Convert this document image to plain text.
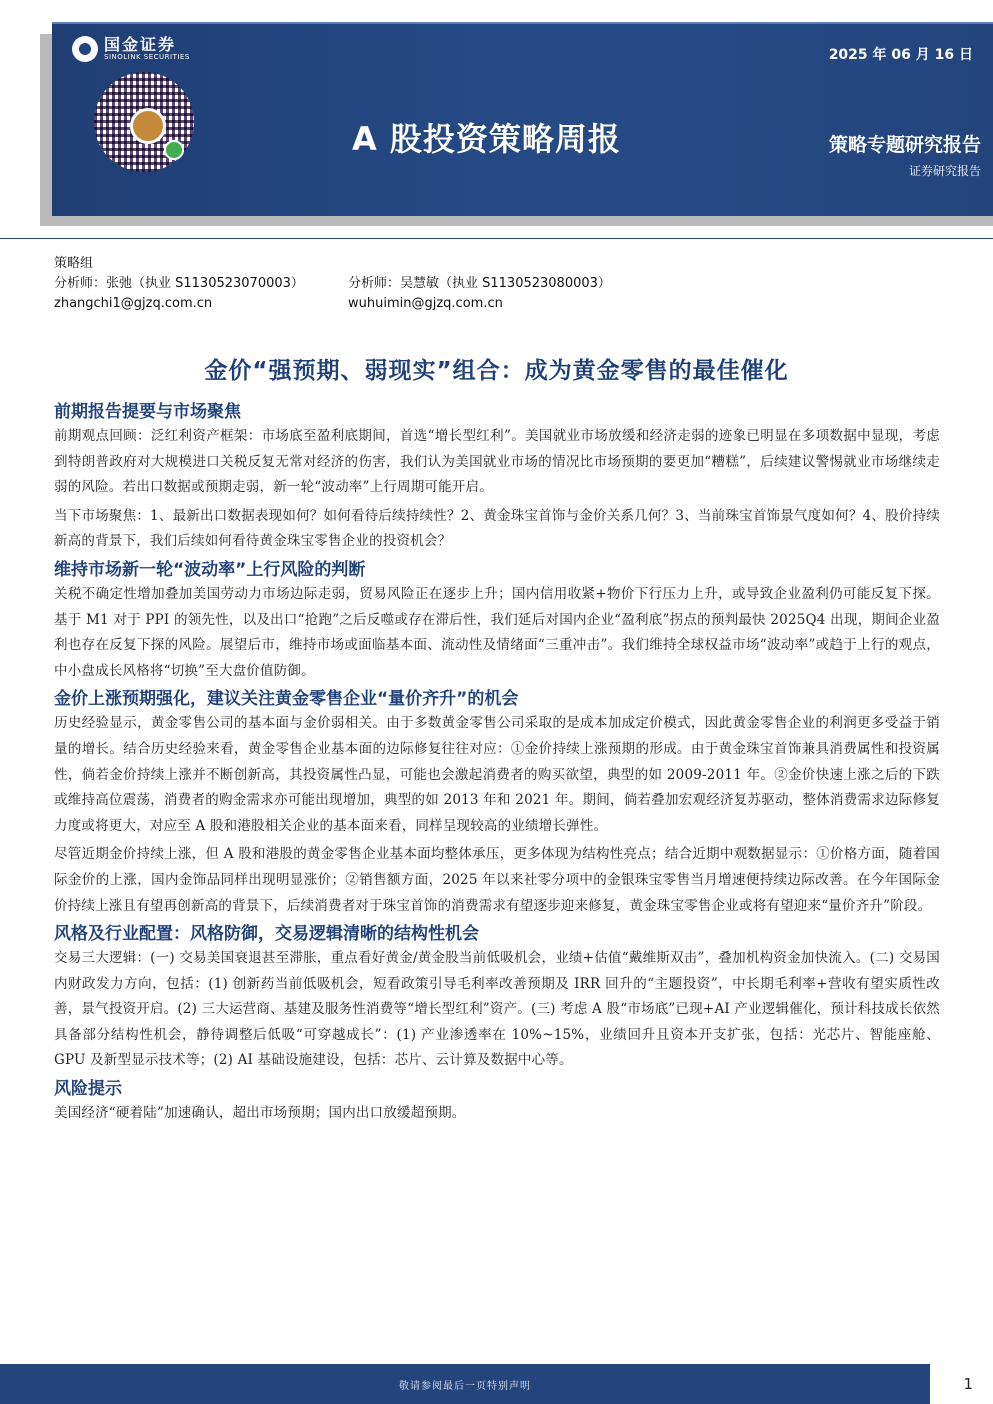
国金证券
SINOLINK SECURITIES	2025 年 06 月 16 日
A 股投资策略周报	策略专题研究报告
证券研究报告
策略组
分析师：张弛（执业 S1130523070003）	分析师：吴慧敏（执业 S1130523080003）
zhangchi1@gjzq.com.cn	wuhuimin@gjzq.com.cn
金价“强预期、弱现实”组合：成为黄金零售的最佳催化
前期报告提要与市场聚焦

前期观点回顾：泛红利资产框架：市场底至盈利底期间，首选“增长型红利”。美国就业市场放缓和经济走弱的迹象已明显在多项数据中显现，考虑到特朗普政府对大规模进口关税反复无常对经济的伤害，我们认为美国就业市场的情况比市场预期的要更加“糟糕”，后续建议警惕就业市场继续走弱的风险。若出口数据或预期走弱，新一轮“波动率”上行周期可能开启。

当下市场聚焦：1、最新出口数据表现如何？如何看待后续持续性？2、黄金珠宝首饰与金价关系几何？3、当前珠宝首饰景气度如何？4、股价持续新高的背景下，我们后续如何看待黄金珠宝零售企业的投资机会？

维持市场新一轮“波动率”上行风险的判断

关税不确定性增加叠加美国劳动力市场边际走弱，贸易风险正在逐步上升；国内信用收紧+物价下行压力上升，或导致企业盈利仍可能反复下探。基于 M1 对于 PPI 的领先性，以及出口“抢跑”之后反噬或存在滞后性，我们延后对国内企业“盈利底”拐点的预判最快 2025Q4 出现，期间企业盈利也存在反复下探的风险。展望后市，维持市场或面临基本面、流动性及情绪面“三重冲击”。我们维持全球权益市场“波动率”或趋于上行的观点，中小盘成长风格将“切换”至大盘价值防御。

金价上涨预期强化，建议关注黄金零售企业“量价齐升”的机会

历史经验显示，黄金零售公司的基本面与金价弱相关。由于多数黄金零售公司采取的是成本加成定价模式，因此黄金零售企业的利润更多受益于销量的增长。结合历史经验来看，黄金零售企业基本面的边际修复往往对应：①金价持续上涨预期的形成。由于黄金珠宝首饰兼具消费属性和投资属性，倘若金价持续上涨并不断创新高，其投资属性凸显，可能也会激起消费者的购买欲望，典型的如 2009-2011 年。②金价快速上涨之后的下跌或维持高位震荡，消费者的购金需求亦可能出现增加，典型的如 2013 年和 2021 年。期间，倘若叠加宏观经济复苏驱动，整体消费需求边际修复力度或将更大，对应至 A 股和港股相关企业的基本面来看，同样呈现较高的业绩增长弹性。

尽管近期金价持续上涨，但 A 股和港股的黄金零售企业基本面均整体承压，更多体现为结构性亮点；结合近期中观数据显示：①价格方面，随着国际金价的上涨，国内金饰品同样出现明显涨价；②销售额方面，2025 年以来社零分项中的金银珠宝零售当月增速便持续边际改善。在今年国际金价持续上涨且有望再创新高的背景下，后续消费者对于珠宝首饰的消费需求有望逐步迎来修复，黄金珠宝零售企业或将有望迎来“量价齐升”阶段。

风格及行业配置：风格防御，交易逻辑清晰的结构性机会

交易三大逻辑：(一) 交易美国衰退甚至滞胀，重点看好黄金/黄金股当前低吸机会，业绩+估值“戴维斯双击”，叠加机构资金加快流入。(二) 交易国内财政发力方向，包括：(1) 创新药当前低吸机会，短看政策引导毛利率改善预期及 IRR 回升的“主题投资”，中长期毛利率+营收有望实质性改善，景气投资开启。(2) 三大运营商、基建及服务性消费等“增长型红利”资产。(三) 考虑 A 股“市场底”已现+AI 产业逻辑催化，预计科技成长依然具备部分结构性机会，静待调整后低吸“可穿越成长”：(1) 产业渗透率在 10%~15%，业绩回升且资本开支扩张，包括：光芯片、智能座舱、GPU 及新型显示技术等；(2) AI 基础设施建设，包括：芯片、云计算及数据中心等。

风险提示

美国经济“硬着陆”加速确认，超出市场预期；国内出口放缓超预期。

敬请参阅最后一页特别声明	1
